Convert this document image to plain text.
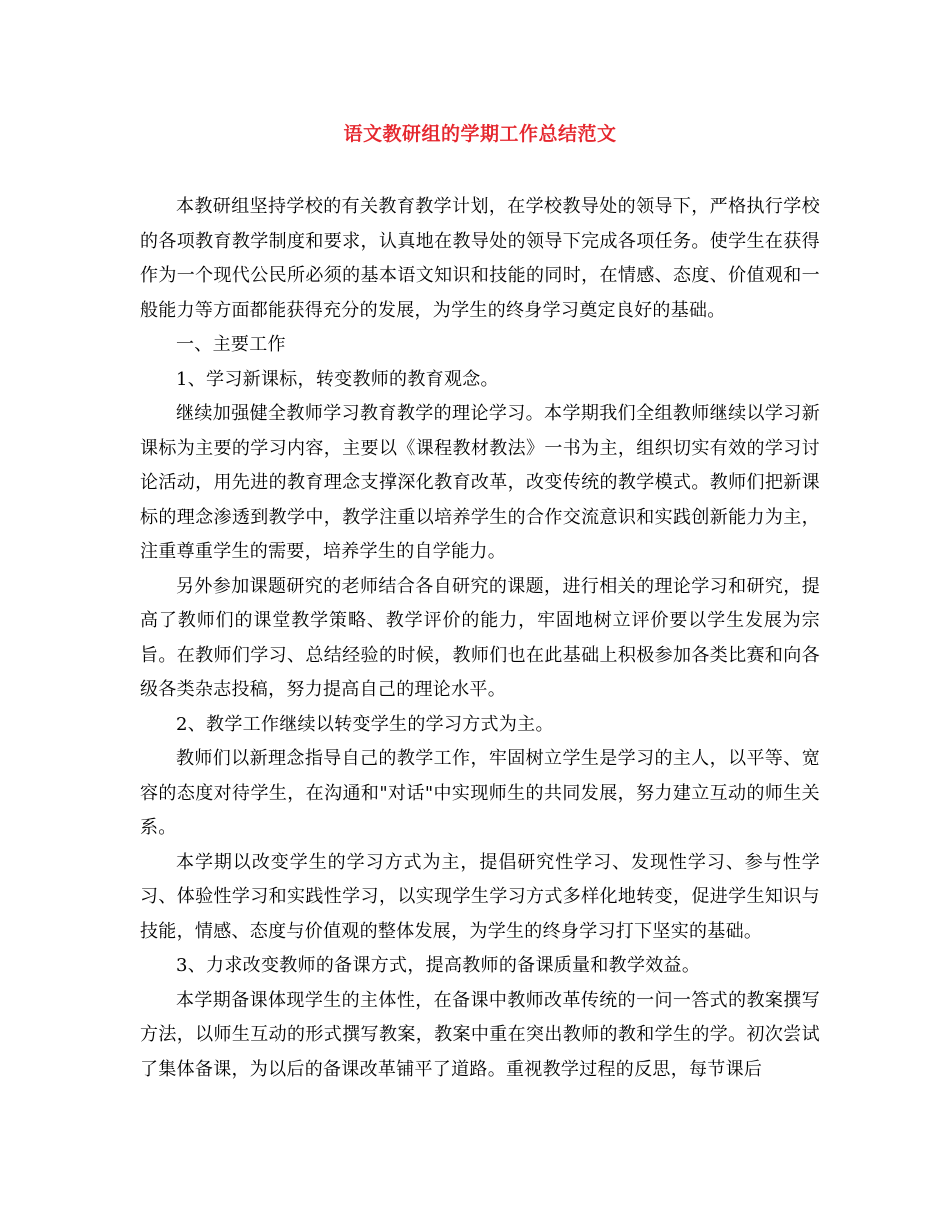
语文教研组的学期工作总结范文

本教研组坚持学校的有关教育教学计划，在学校教导处的领导下，严格执行学校的各项教育教学制度和要求，认真地在教导处的领导下完成各项任务。使学生在获得作为一个现代公民所必须的基本语文知识和技能的同时，在情感、态度、价值观和一般能力等方面都能获得充分的发展，为学生的终身学习奠定良好的基础。

一、主要工作

1、学习新课标，转变教师的教育观念。

继续加强健全教师学习教育教学的理论学习。本学期我们全组教师继续以学习新课标为主要的学习内容，主要以《课程教材教法》一书为主，组织切实有效的学习讨论活动，用先进的教育理念支撑深化教育改革，改变传统的教学模式。教师们把新课标的理念渗透到教学中，教学注重以培养学生的合作交流意识和实践创新能力为主，注重尊重学生的需要，培养学生的自学能力。

另外参加课题研究的老师结合各自研究的课题，进行相关的理论学习和研究，提高了教师们的课堂教学策略、教学评价的能力，牢固地树立评价要以学生发展为宗旨。在教师们学习、总结经验的时候，教师们也在此基础上积极参加各类比赛和向各级各类杂志投稿，努力提高自己的理论水平。

2、教学工作继续以转变学生的学习方式为主。

教师们以新理念指导自己的教学工作，牢固树立学生是学习的主人，以平等、宽容的态度对待学生，在沟通和"对话"中实现师生的共同发展，努力建立互动的师生关系。

本学期以改变学生的学习方式为主，提倡研究性学习、发现性学习、参与性学习、体验性学习和实践性学习，以实现学生学习方式多样化地转变，促进学生知识与技能，情感、态度与价值观的整体发展，为学生的终身学习打下坚实的基础。

3、力求改变教师的备课方式，提高教师的备课质量和教学效益。

本学期备课体现学生的主体性，在备课中教师改革传统的一问一答式的教案撰写方法，以师生互动的形式撰写教案，教案中重在突出教师的教和学生的学。初次尝试了集体备课，为以后的备课改革铺平了道路。重视教学过程的反思，每节课后
